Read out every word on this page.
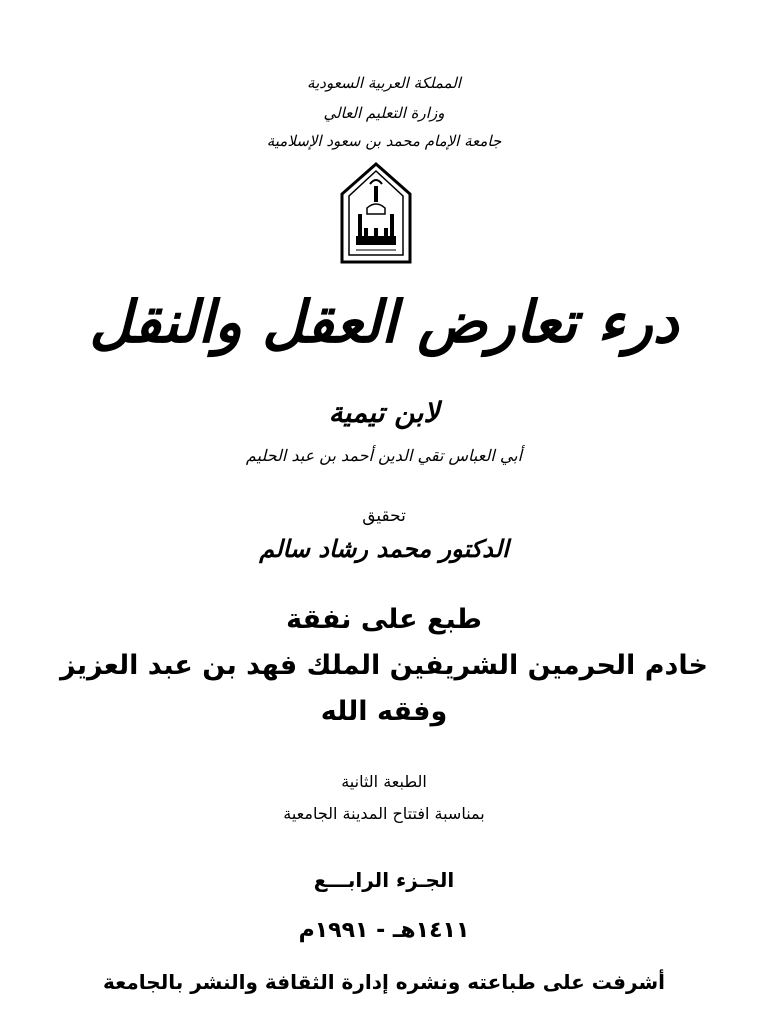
المملكة العربية السعودية
وزارة التعليم العالي
جامعة الإمام محمد بن سعود الإسلامية
درء تعارض العقل والنقل
لابن تيمية
أبي العباس تقي الدين أحمد بن عبد الحليم
تحقيق
الدكتور محمد رشاد سالم
طبع على نفقة
خادم الحرمين الشريفين الملك فهد بن عبد العزيز
وفقه الله
الطبعة الثانية
بمناسبة افتتاح المدينة الجامعية
الجـزء الرابـــع
١٤١١هـ - ١٩٩١م
أشرفت على طباعته ونشره إدارة الثقافة والنشر بالجامعة
